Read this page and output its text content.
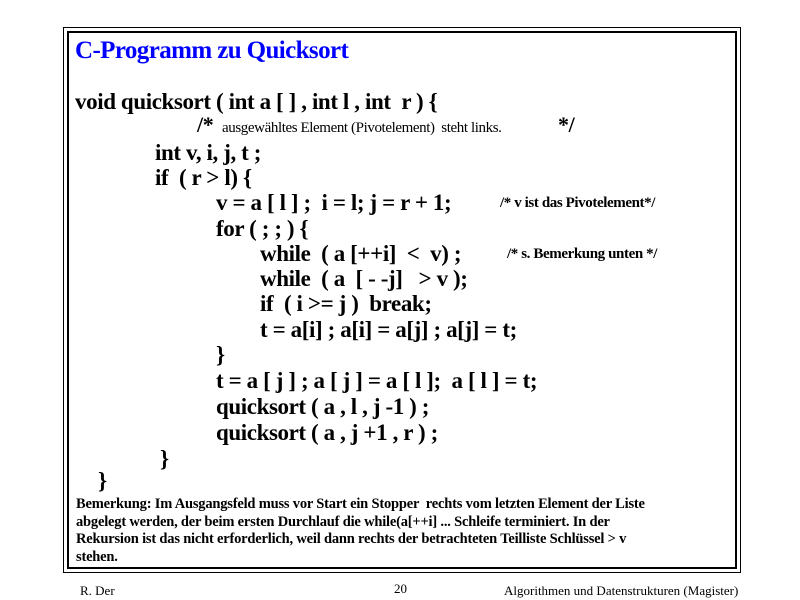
C-Programm zu Quicksort
void quicksort ( int a [ ] , int l , int  r ) {
/* ausgewähltes Element (Pivotelement)  steht links.	*/
int v, i, j, t ;
if  ( r > l) {
v = a [ l ] ;  i = l; j = r + 1;	/* v ist das Pivotelement*/
for ( ; ; ) {
while  ( a [++i]  <  v) ;	/* s. Bemerkung unten */
while  ( a  [ - -j]   > v );
if  ( i >= j )  break;
t = a[i] ; a[i] = a[j] ; a[j] = t;
}
t = a [ j ] ; a [ j ] = a [ l ];  a [ l ] = t;
quicksort ( a , l , j -1 ) ;
quicksort ( a , j +1 , r ) ;
}
}
Bemerkung: Im Ausgangsfeld muss vor Start ein Stopper  rechts vom letzten Element der Liste
abgelegt werden, der beim ersten Durchlauf die while(a[++i] ... Schleife terminiert. In der
Rekursion ist das nicht erforderlich, weil dann rechts der betrachteten Teilliste Schlüssel > v
stehen.
R. Der	20	Algorithmen und Datenstrukturen (Magister)
